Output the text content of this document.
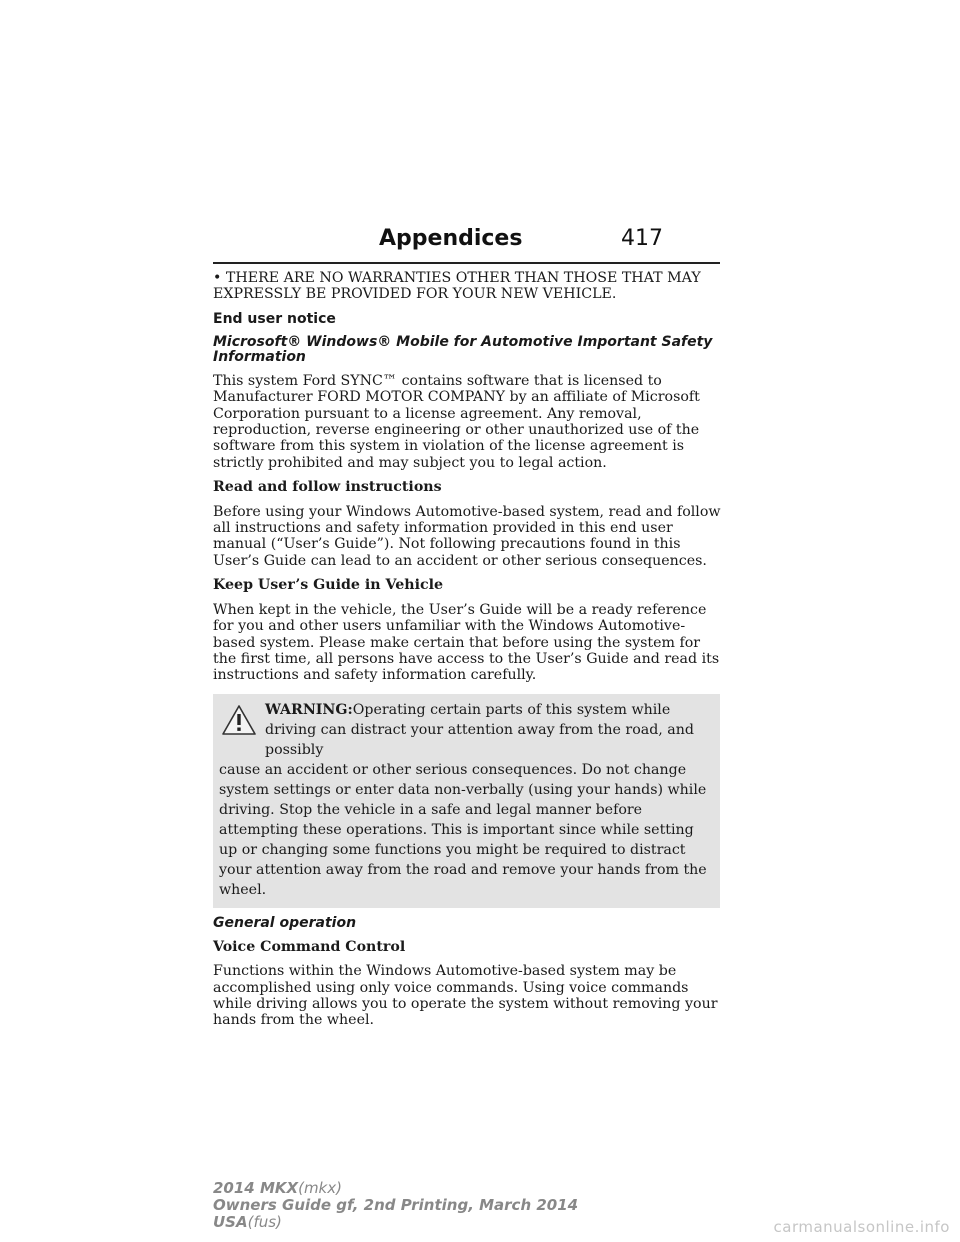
Appendices	417

• THERE ARE NO WARRANTIES OTHER THAN THOSE THAT MAY EXPRESSLY BE PROVIDED FOR YOUR NEW VEHICLE.

End user notice
Microsoft® Windows® Mobile for Automotive Important Safety Information

This system Ford SYNC™ contains software that is licensed to Manufacturer FORD MOTOR COMPANY by an affiliate of Microsoft Corporation pursuant to a license agreement. Any removal, reproduction, reverse engineering or other unauthorized use of the software from this system in violation of the license agreement is strictly prohibited and may subject you to legal action.

Read and follow instructions

Before using your Windows Automotive-based system, read and follow all instructions and safety information provided in this end user manual (“User’s Guide”). Not following precautions found in this User’s Guide can lead to an accident or other serious consequences.

Keep User’s Guide in Vehicle

When kept in the vehicle, the User’s Guide will be a ready reference for you and other users unfamiliar with the Windows Automotive-based system. Please make certain that before using the system for the first time, all persons have access to the User’s Guide and read its instructions and safety information carefully.

WARNING:Operating certain parts of this system while driving can distract your attention away from the road, and possibly
cause an accident or other serious consequences. Do not change system settings or enter data non-verbally (using your hands) while driving. Stop the vehicle in a safe and legal manner before attempting these operations. This is important since while setting up or changing some functions you might be required to distract your attention away from the road and remove your hands from the wheel.
General operation
Voice Command Control

Functions within the Windows Automotive-based system may be accomplished using only voice commands. Using voice commands while driving allows you to operate the system without removing your hands from the wheel.

2014 MKX(mkx)
Owners Guide gf, 2nd Printing, March 2014
USA(fus)	carmanualsonline.info
